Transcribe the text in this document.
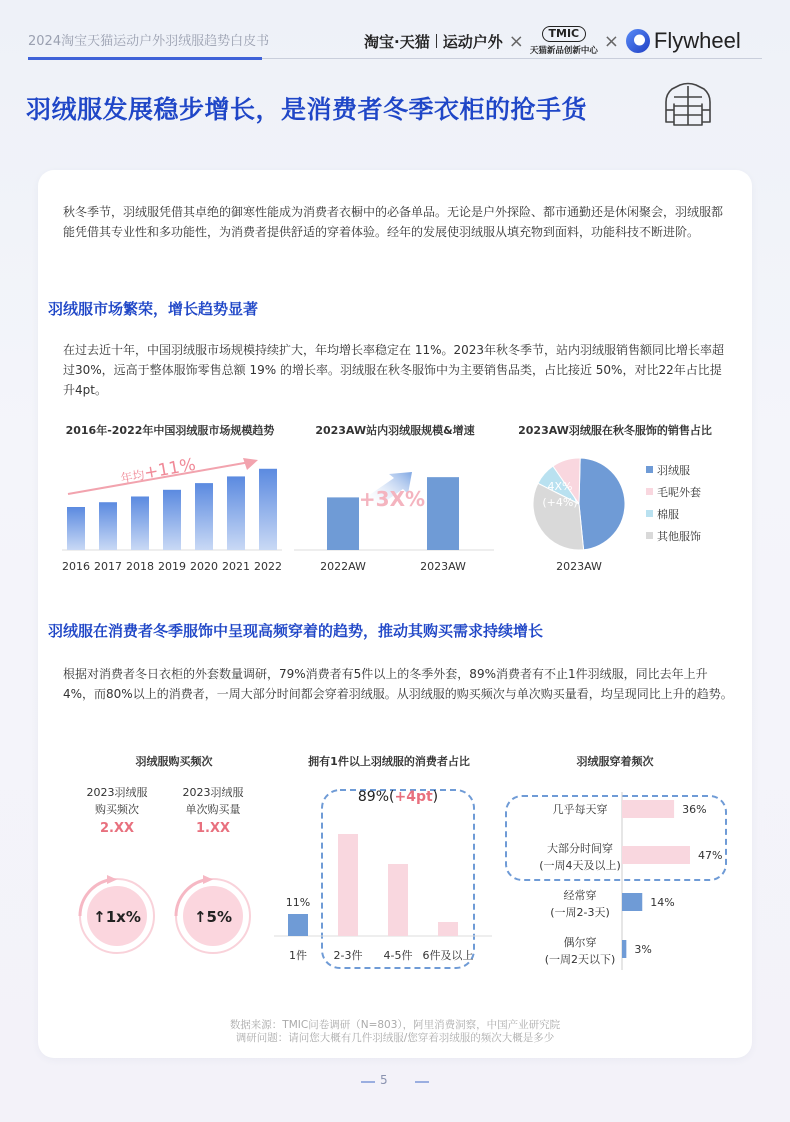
2024淘宝天猫运动户外羽绒服趋势白皮书	淘宝·天猫 运动户外 ×	TMIC
天猫新品创新中心 × Flywheel
羽绒服发展稳步增长，是消费者冬季衣柜的抢手货
秋冬季节，羽绒服凭借其卓绝的御寒性能成为消费者衣橱中的必备单品。无论是户外探险、都市通勤还是休闲聚会，羽绒服都能凭借其专业性和多功能性，为消费者提供舒适的穿着体验。经年的发展使羽绒服从填充物到面料，功能科技不断进阶。
羽绒服市场繁荣，增长趋势显著
在过去近十年，中国羽绒服市场规模持续扩大，年均增长率稳定在 11%。2023年秋冬季节，站内羽绒服销售额同比增长率超过30%，远高于整体服饰零售总额 19% 的增长率。羽绒服在秋冬服饰中为主要销售品类，占比接近 50%，对比22年占比提升4pt。
2016年-2022年中国羽绒服市场规模趋势
2016 2017 2018 2019 2020 2021 2022
年均+11%
2023AW站内羽绒服规模&增速
2022AW	2023AW
+3X%
2023AW羽绒服在秋冬服饰的销售占比
4X%
(+4%)
2023AW
羽绒服
毛呢外套
棉服
其他服饰
羽绒服在消费者冬季服饰中呈现高频穿着的趋势，推动其购买需求持续增长
根据对消费者冬日衣柜的外套数量调研，79%消费者有5件以上的冬季外套，89%消费者有不止1件羽绒服，同比去年上升4%，而80%以上的消费者，一周大部分时间都会穿着羽绒服。从羽绒服的购买频次与单次购买量看，均呈现同比上升的趋势。
羽绒服购买频次
2023羽绒服
购买频次
2.XX
↑1x%
2023羽绒服
单次购买量
1.XX
↑5%
拥有1件以上羽绒服的消费者占比
89%(+4pt)
11%
1件 2-3件 4-5件 6件及以上
羽绒服穿着频次
36%
几乎每天穿
47%
大部分时间穿
(一周4天及以上)
14%
经常穿
(一周2-3天)
3%
偶尔穿
(一周2天以下)
数据来源：TMIC问卷调研（N=803），阿里消费洞察，中国产业研究院
调研问题：请问您大概有几件羽绒服/您穿着羽绒服的频次大概是多少
5
